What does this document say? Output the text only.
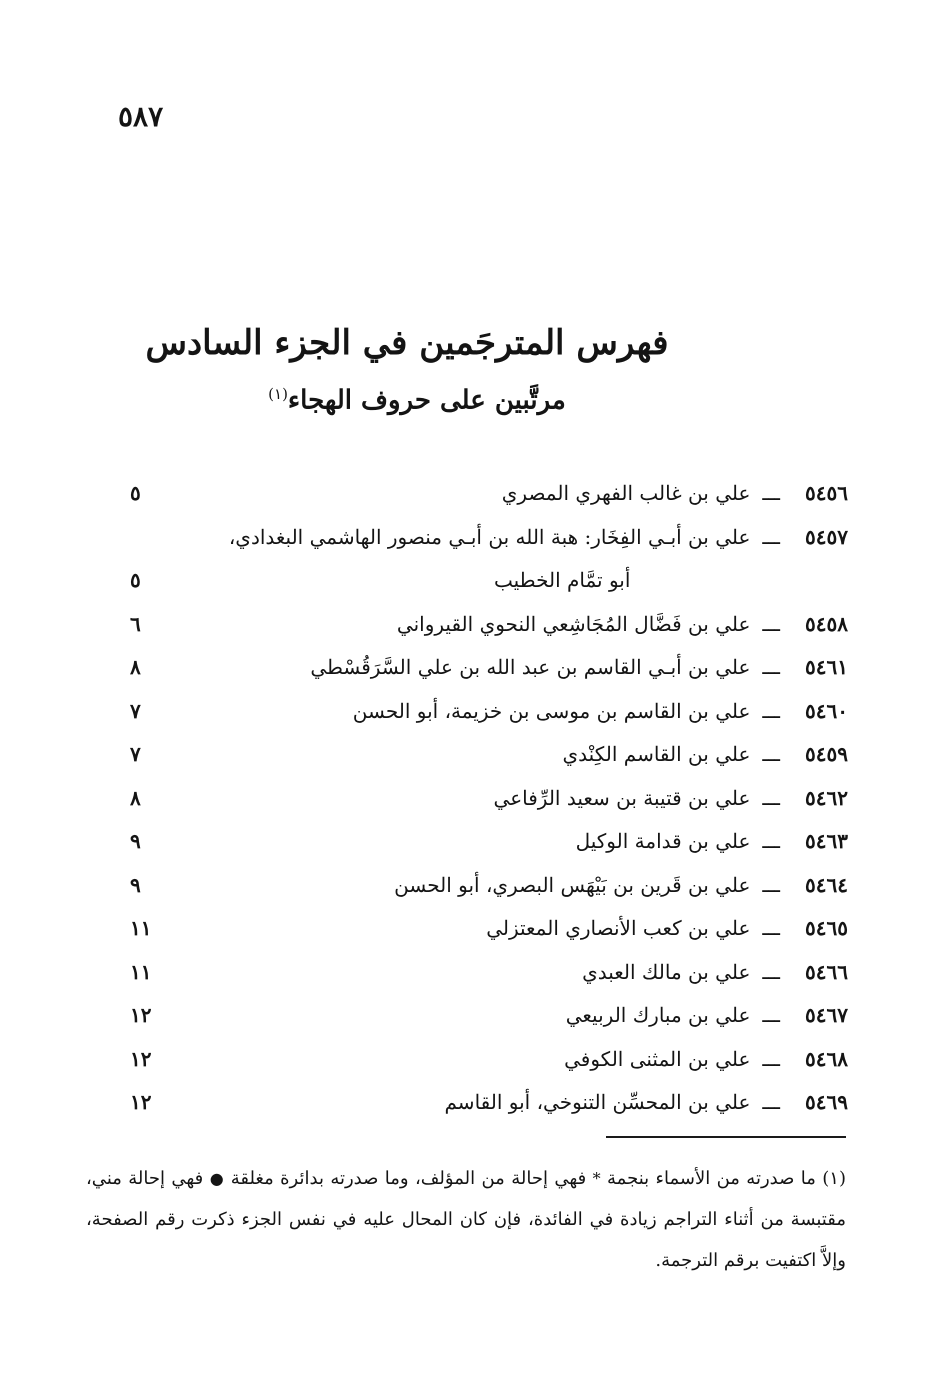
٥٨٧
فهرس المترجَمين في الجزء السادس
مرتَّبين على حروف الهجاء$^{(١)}$
٥٤٥٦
ـــ
علي بن غالب الفهري المصري
٥
٥٤٥٧
ـــ
علي بن أبـي الفِخَار: هبة الله بن أبـي منصور الهاشمي البغدادي،
أبو تمَّام الخطيب
٥
٥٤٥٨
ـــ
علي بن فَضَّال المُجَاشِعي النحوي القيرواني
٦
٥٤٦١
ـــ
علي بن أبـي القاسم بن عبد الله بن علي السَّرَقُسْطي
٨
٥٤٦٠
ـــ
علي بن القاسم بن موسى بن خزيمة، أبو الحسن
٧
٥٤٥٩
ـــ
علي بن القاسم الكِنْدي
٧
٥٤٦٢
ـــ
علي بن قتيبة بن سعيد الرِّفاعي
٨
٥٤٦٣
ـــ
علي بن قدامة الوكيل
٩
٥٤٦٤
ـــ
علي بن قَرين بن بَيْهَس البصري، أبو الحسن
٩
٥٤٦٥
ـــ
علي بن كعب الأنصاري المعتزلي
١١
٥٤٦٦
ـــ
علي بن مالك العبدي
١١
٥٤٦٧
ـــ
علي بن مبارك الربيعي
١٢
٥٤٦٨
ـــ
علي بن المثنى الكوفي
١٢
٥٤٦٩
ـــ
علي بن المحسِّن التنوخي، أبو القاسم
١٢
(١) ما صدرته من الأسماء بنجمة * فهي إحالة من المؤلف، وما صدرته بدائرة مغلقة ● فهي إحالة مني، مقتبسة من أثناء التراجم زيادة في الفائدة، فإن كان المحال عليه في نفس الجزء ذكرت رقم الصفحة، وإلاَّ اكتفيت برقم الترجمة.
